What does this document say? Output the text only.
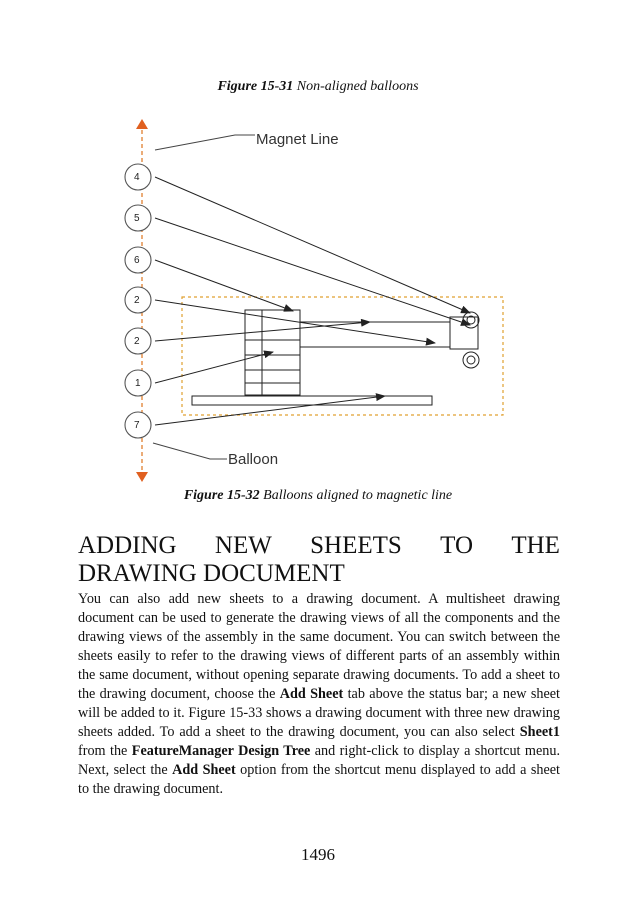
Figure 15-31 Non-aligned balloons
Magnet Line
Balloon
4
5
6
2
2
1
7
Figure 15-32 Balloons aligned to magnetic line
ADDING NEW SHEETS TO THE
DRAWING DOCUMENT

You can also add new sheets to a drawing document. A multisheet drawing document can be used to generate the drawing views of all the components and the drawing views of the assembly in the same document. You can switch between the sheets easily to refer to the drawing views of different parts of an assembly within the same document, without opening separate drawing documents. To add a sheet to the drawing document, choose the Add Sheet tab above the status bar; a new sheet will be added to it. Figure 15-33 shows a drawing document with three new drawing sheets added. To add a sheet to the drawing document, you can also select Sheet1 from the FeatureManager Design Tree and right-click to display a shortcut menu. Next, select the Add Sheet option from the shortcut menu displayed to add a sheet to the drawing document.

1496
